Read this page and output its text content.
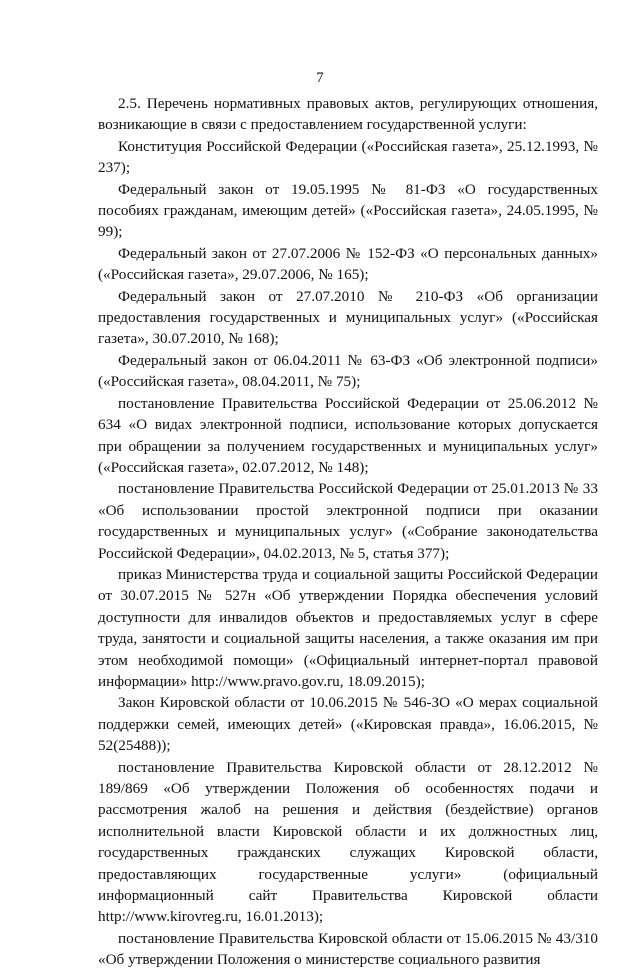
7

2.5. Перечень нормативных правовых актов, регулирующих отношения, возникающие в связи с предоставлением государственной услуги:

Конституция Российской Федерации («Российская газета», 25.12.1993, № 237);

Федеральный закон от 19.05.1995 № 81-ФЗ «О государственных пособиях гражданам, имеющим детей» («Российская газета», 24.05.1995, № 99);

Федеральный закон от 27.07.2006 № 152-ФЗ «О персональных данных» («Российская газета», 29.07.2006, № 165);

Федеральный закон от 27.07.2010 № 210-ФЗ «Об организации предоставления государственных и муниципальных услуг» («Российская газета», 30.07.2010, № 168);

Федеральный закон от 06.04.2011 № 63-ФЗ «Об электронной подписи» («Российская газета», 08.04.2011, № 75);

постановление Правительства Российской Федерации от 25.06.2012 № 634 «О видах электронной подписи, использование которых допускается при обращении за получением государственных и муниципальных услуг» («Российская газета», 02.07.2012, № 148);

постановление Правительства Российской Федерации от 25.01.2013 № 33 «Об использовании простой электронной подписи при оказании государственных и муниципальных услуг» («Собрание законодательства Российской Федерации», 04.02.2013, № 5, статья 377);

приказ Министерства труда и социальной защиты Российской Федерации от 30.07.2015 № 527н «Об утверждении Порядка обеспечения условий доступности для инвалидов объектов и предоставляемых услуг в сфере труда, занятости и социальной защиты населения, а также оказания им при этом необходимой помощи» («Официальный интернет-портал правовой информации» http://www.pravo.gov.ru, 18.09.2015);

Закон Кировской области от 10.06.2015 № 546-ЗО «О мерах социальной поддержки семей, имеющих детей» («Кировская правда», 16.06.2015, № 52(25488));

постановление Правительства Кировской области от 28.12.2012 № 189/869 «Об утверждении Положения об особенностях подачи и рассмотрения жалоб на решения и действия (бездействие) органов исполнительной власти Кировской области и их должностных лиц, государственных гражданских служащих Кировской области, предоставляющих государственные услуги» (официальный информационный сайт Правительства Кировской области http://www.kirovreg.ru, 16.01.2013);

постановление Правительства Кировской области от 15.06.2015 № 43/310 «Об утверждении Положения о министерстве социального развития
